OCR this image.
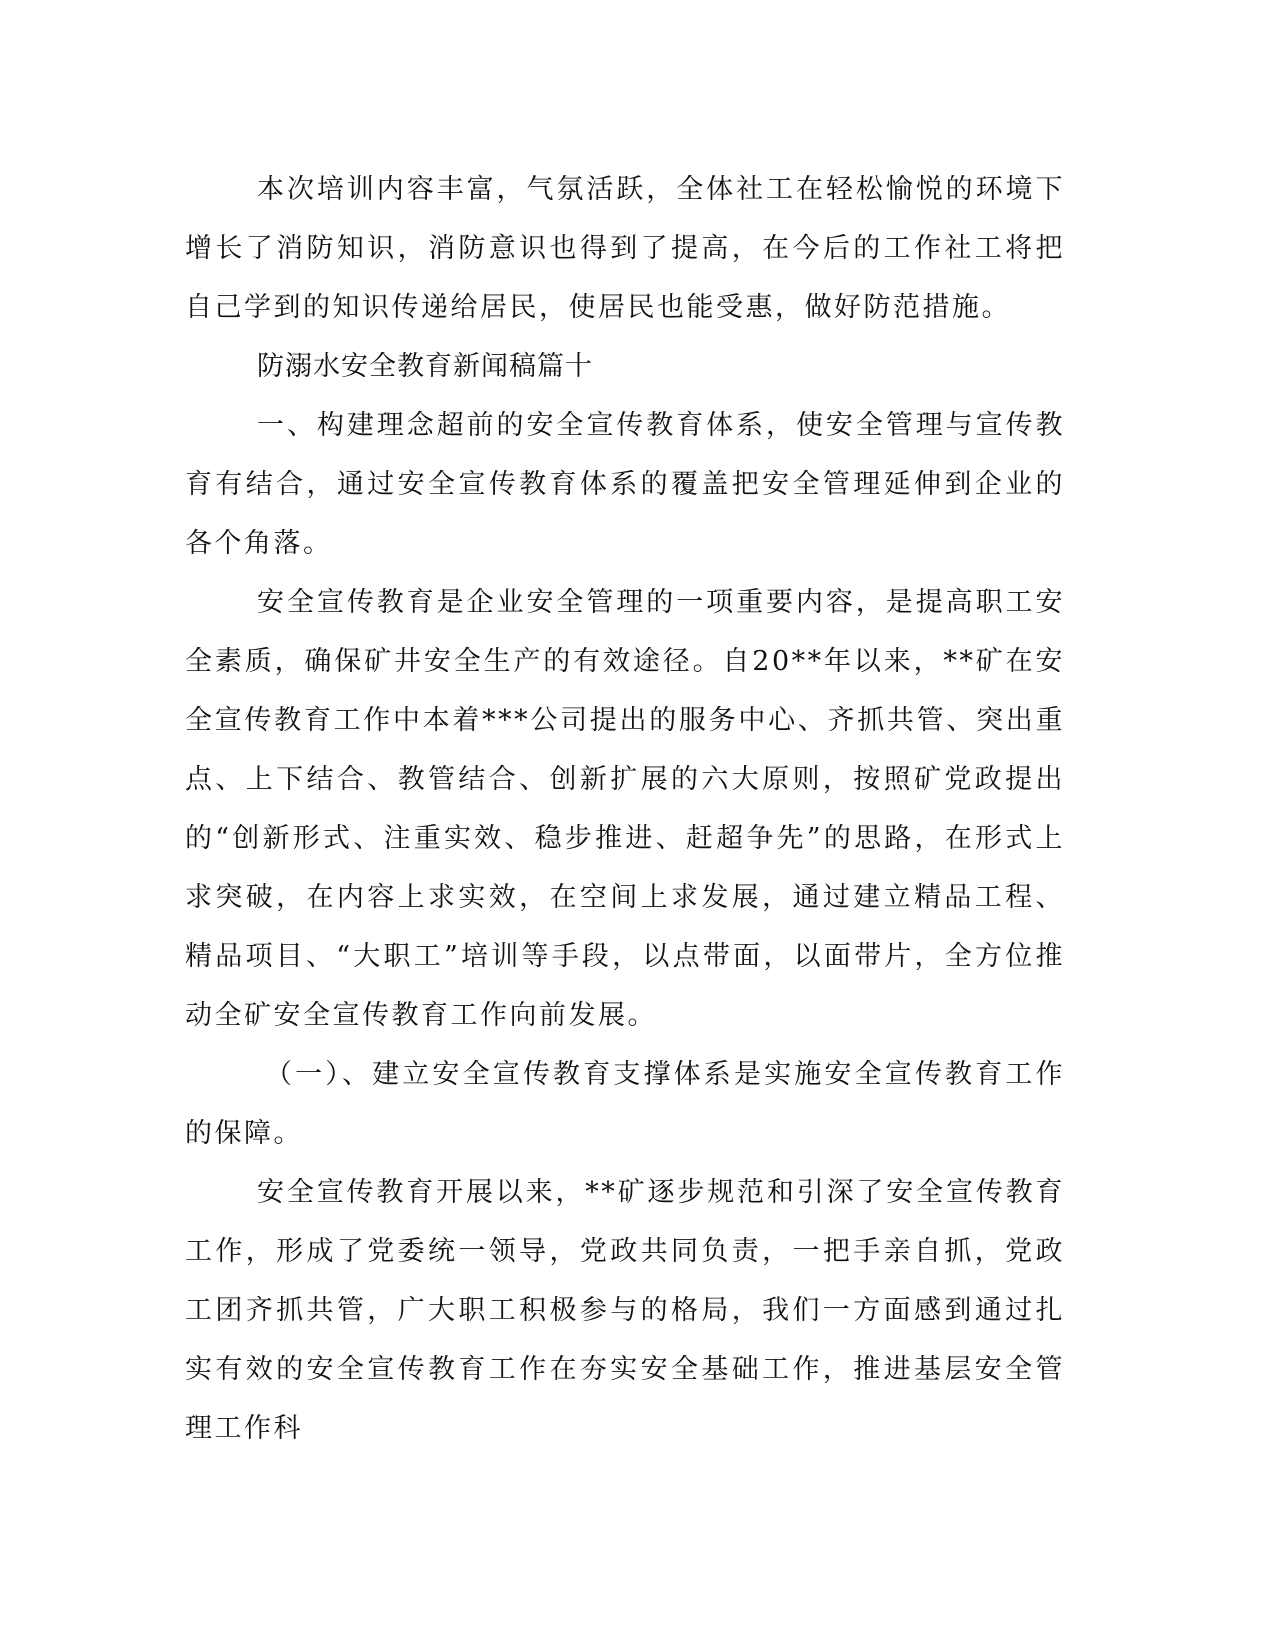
本次培训内容丰富，气氛活跃，全体社工在轻松愉悦的环境下增长了消防知识，消防意识也得到了提高，在今后的工作社工将把自己学到的知识传递给居民，使居民也能受惠，做好防范措施。

防溺水安全教育新闻稿篇十

一、构建理念超前的安全宣传教育体系，使安全管理与宣传教育有结合，通过安全宣传教育体系的覆盖把安全管理延伸到企业的各个角落。

安全宣传教育是企业安全管理的一项重要内容，是提高职工安全素质，确保矿井安全生产的有效途径。自20**年以来，**矿在安全宣传教育工作中本着***公司提出的服务中心、齐抓共管、突出重点、上下结合、教管结合、创新扩展的六大原则，按照矿党政提出的“创新形式、注重实效、稳步推进、赶超争先”的思路，在形式上求突破，在内容上求实效，在空间上求发展，通过建立精品工程、精品项目、“大职工”培训等手段，以点带面，以面带片，全方位推动全矿安全宣传教育工作向前发展。

（一）、建立安全宣传教育支撑体系是实施安全宣传教育工作的保障。

安全宣传教育开展以来，**矿逐步规范和引深了安全宣传教育工作，形成了党委统一领导，党政共同负责，一把手亲自抓，党政工团齐抓共管，广大职工积极参与的格局，我们一方面感到通过扎实有效的安全宣传教育工作在夯实安全基础工作，推进基层安全管理工作科
